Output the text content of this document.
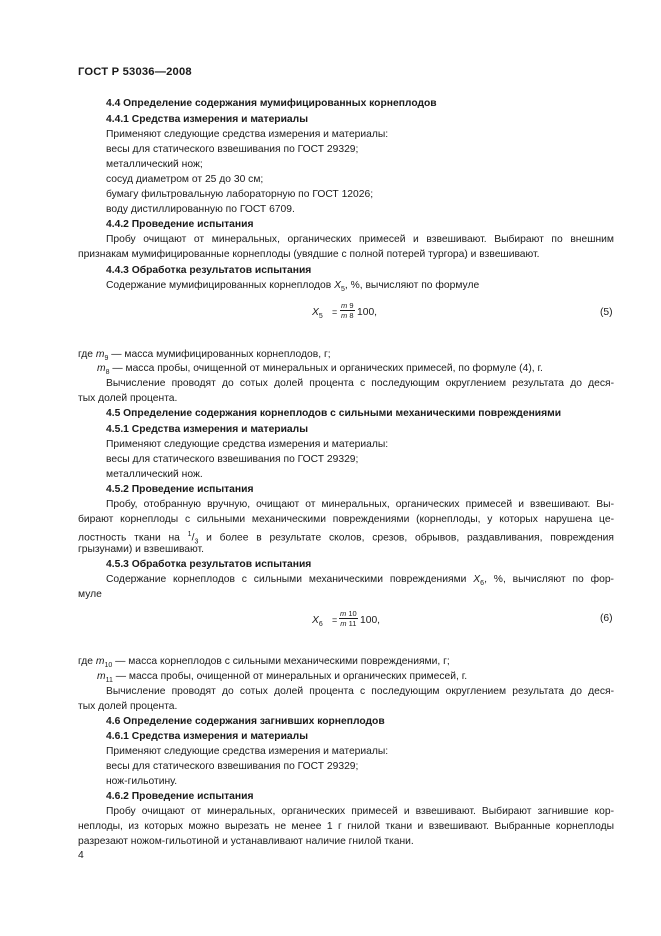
ГОСТ Р 53036—2008
4.4 Определение содержания мумифицированных корнеплодов
4.4.1 Средства измерения и материалы
Применяют следующие средства измерения и материалы:
весы для статического взвешивания по ГОСТ 29329;
металлический нож;
сосуд диаметром от 25 до 30 см;
бумагу фильтровальную лабораторную по ГОСТ 12026;
воду дистиллированную по ГОСТ 6709.
4.4.2 Проведение испытания
Пробу очищают от минеральных, органических примесей и взвешивают. Выбирают по внешним
признакам мумифицированные корнеплоды (увядшие с полной потерей тургора) и взвешивают.
4.4.3 Обработка результатов испытания
Содержание мумифицированных корнеплодов $X_5$, %, вычисляют по формуле
$X_5 = \frac{m 9}{m 8} 100$,	(5)
где $m_9$ — масса мумифицированных корнеплодов, г;
$m_8$ — масса пробы, очищенной от минеральных и органических примесей, по формуле (4), г.
Вычисление проводят до сотых долей процента с последующим округлением результата до деся-
тых долей процента.
4.5 Определение содержания корнеплодов с сильными механическими повреждениями
4.5.1 Средства измерения и материалы
Применяют следующие средства измерения и материалы:
весы для статического взвешивания по ГОСТ 29329;
металлический нож.
4.5.2 Проведение испытания
Пробу, отобранную вручную, очищают от минеральных, органических примесей и взвешивают. Вы-
бирают корнеплоды с сильными механическими повреждениями (корнеплоды, у которых нарушена це-
лостность ткани на $^1/_3$ и более в результате сколов, срезов, обрывов, раздавливания, повреждения
грызунами) и взвешивают.
4.5.3 Обработка результатов испытания
Содержание корнеплодов с сильными механическими повреждениями $X_6$, %, вычисляют по фор-
муле
$X_6 = \frac{m 10}{m 11} 100$,	(6)
где $m_{10}$ — масса корнеплодов с сильными механическими повреждениями, г;
$m_{11}$ — масса пробы, очищенной от минеральных и органических примесей, г.
Вычисление проводят до сотых долей процента с последующим округлением результата до деся-
тых долей процента.
4.6 Определение содержания загнивших корнеплодов
4.6.1 Средства измерения и материалы
Применяют следующие средства измерения и материалы:
весы для статического взвешивания по ГОСТ 29329;
нож-гильотину.
4.6.2 Проведение испытания
Пробу очищают от минеральных, органических примесей и взвешивают. Выбирают загнившие кор-
неплоды, из которых можно вырезать не менее 1 г гнилой ткани и взвешивают. Выбранные корнеплоды
разрезают ножом-гильотиной и устанавливают наличие гнилой ткани.
4
